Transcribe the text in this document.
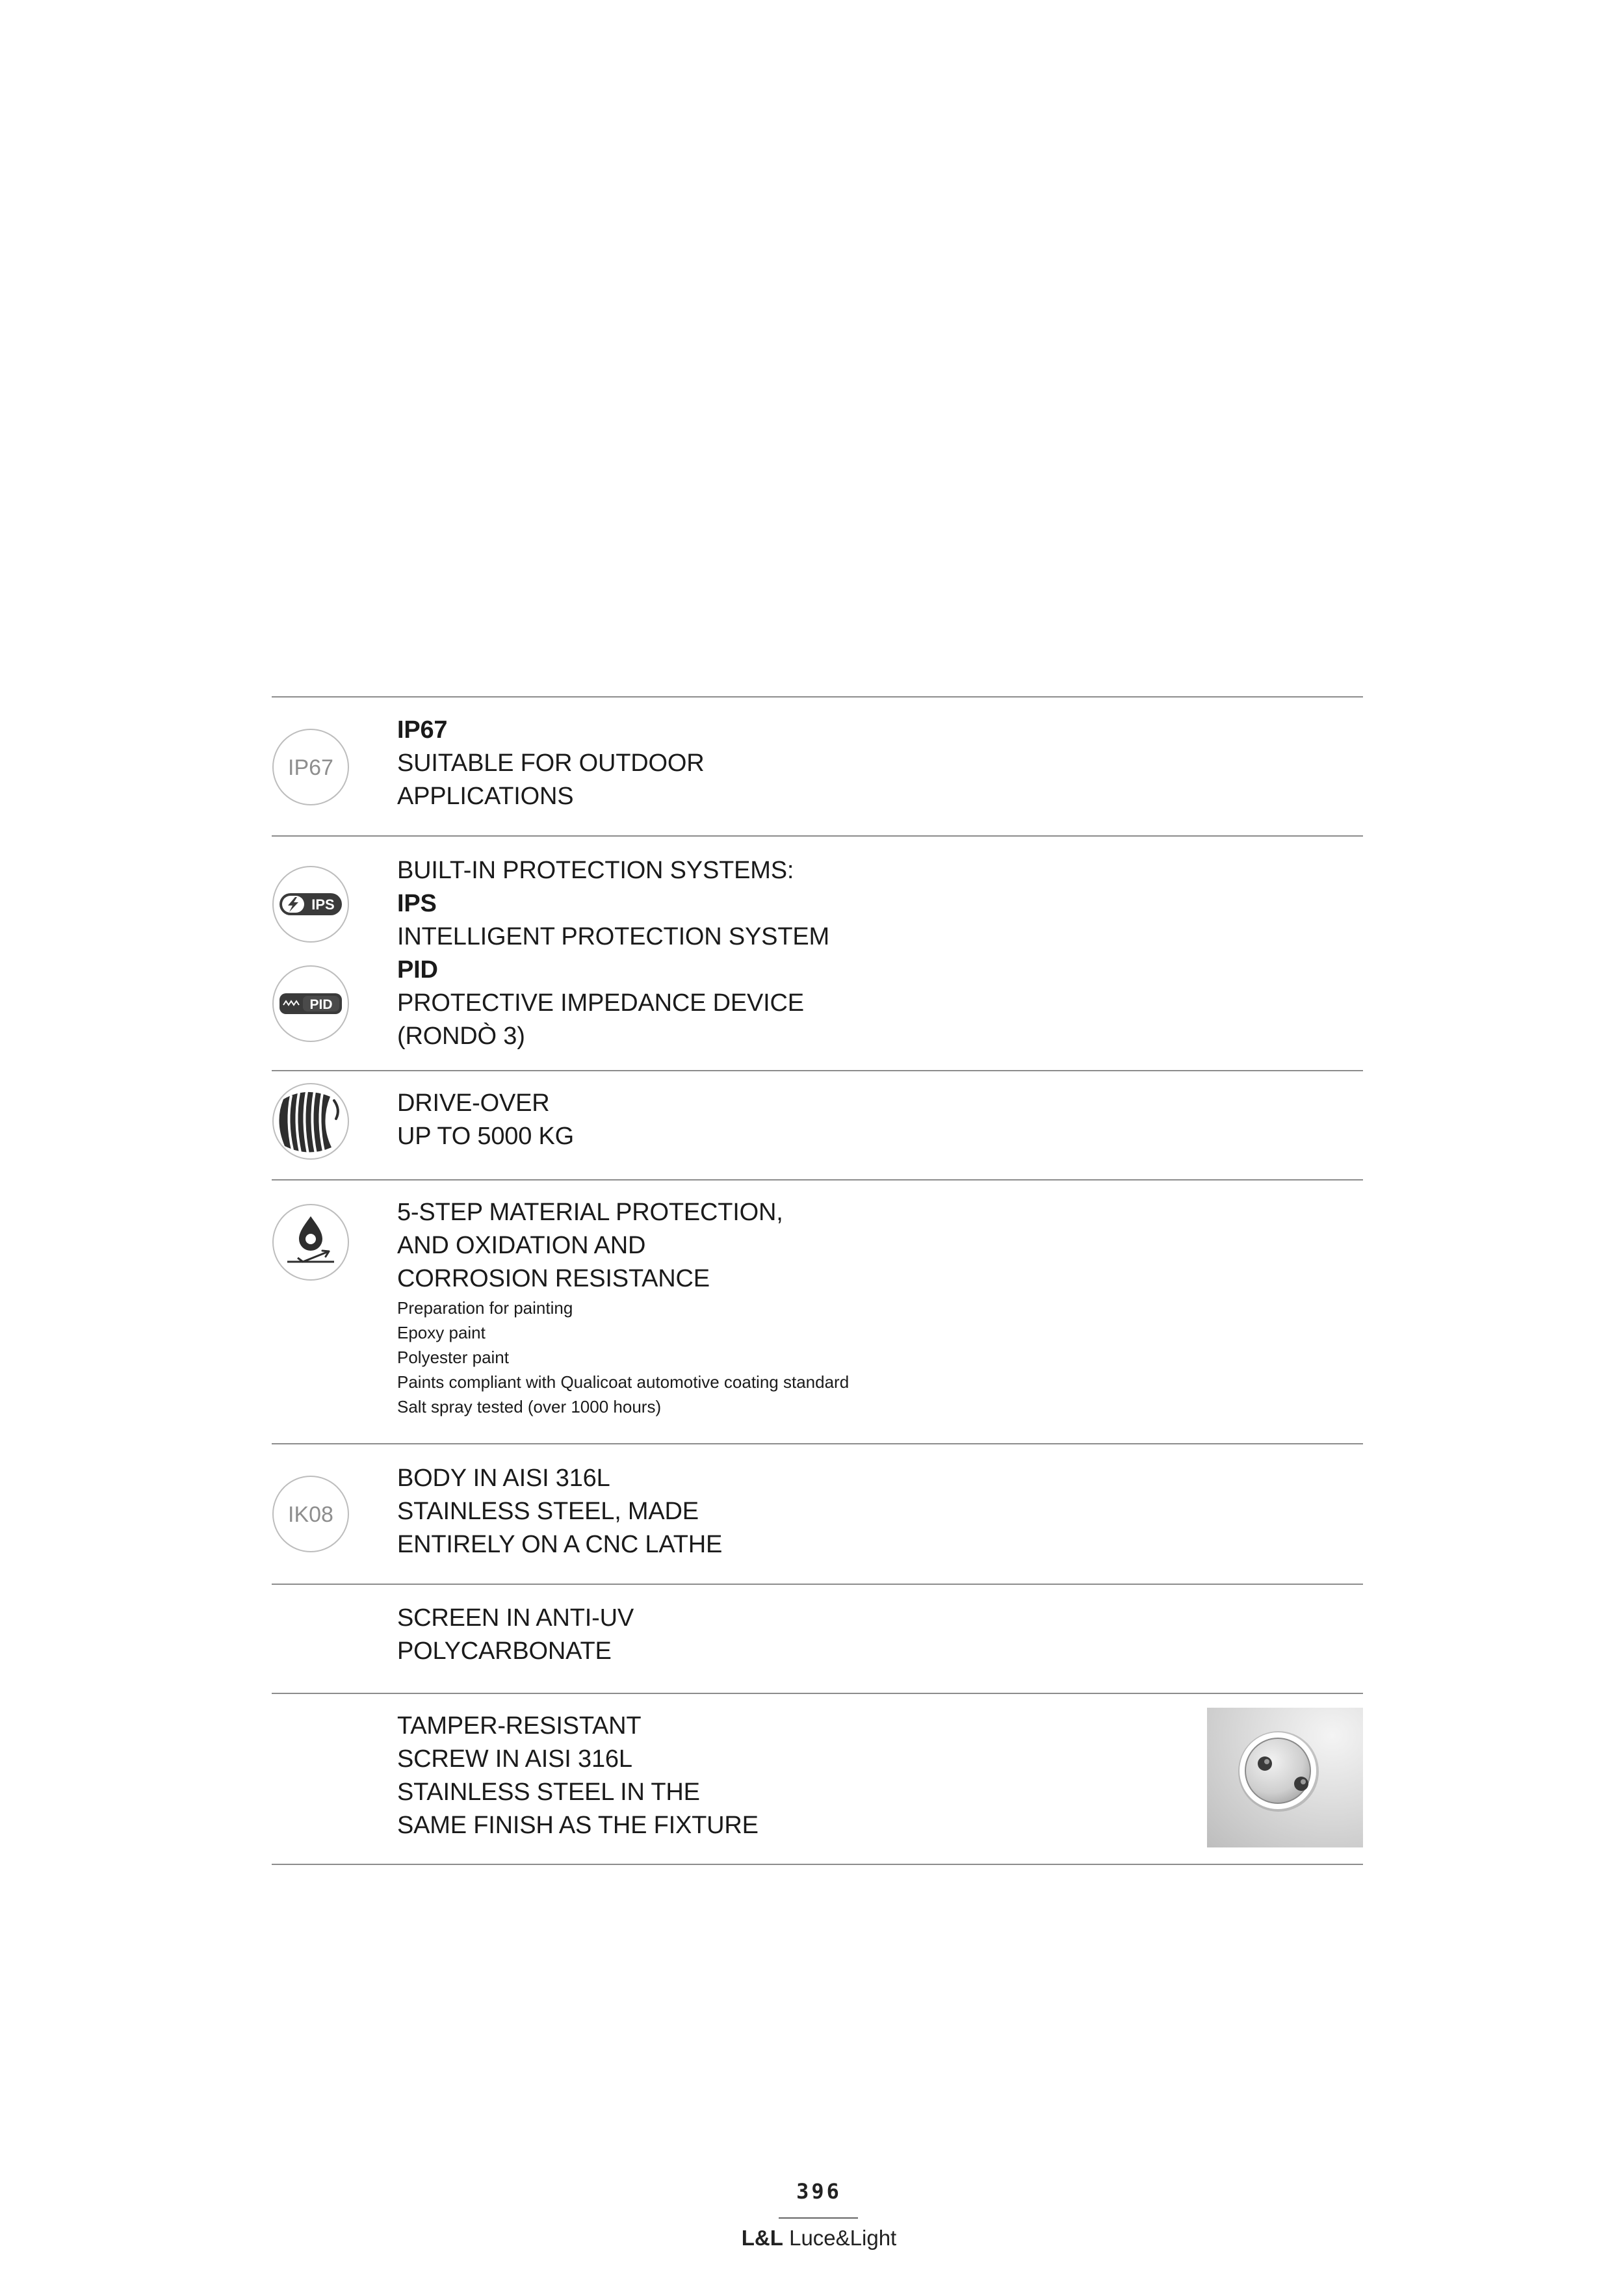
IP67
IP67
SUITABLE FOR OUTDOOR
APPLICATIONS
IPS
PID
BUILT-IN PROTECTION SYSTEMS:
IPS
INTELLIGENT PROTECTION SYSTEM
PID
PROTECTIVE IMPEDANCE DEVICE
(RONDÒ 3)
DRIVE-OVER
UP TO 5000 KG
5-STEP MATERIAL PROTECTION,
AND OXIDATION AND
CORROSION RESISTANCE
Preparation for painting
Epoxy paint
Polyester paint
Paints compliant with Qualicoat automotive coating standard
Salt spray tested (over 1000 hours)
IK08
BODY IN AISI 316L
STAINLESS STEEL, MADE
ENTIRELY ON A CNC LATHE
SCREEN IN ANTI-UV
POLYCARBONATE
TAMPER-RESISTANT
SCREW IN AISI 316L
STAINLESS STEEL IN THE
SAME FINISH AS THE FIXTURE
396
L&L Luce&Light
